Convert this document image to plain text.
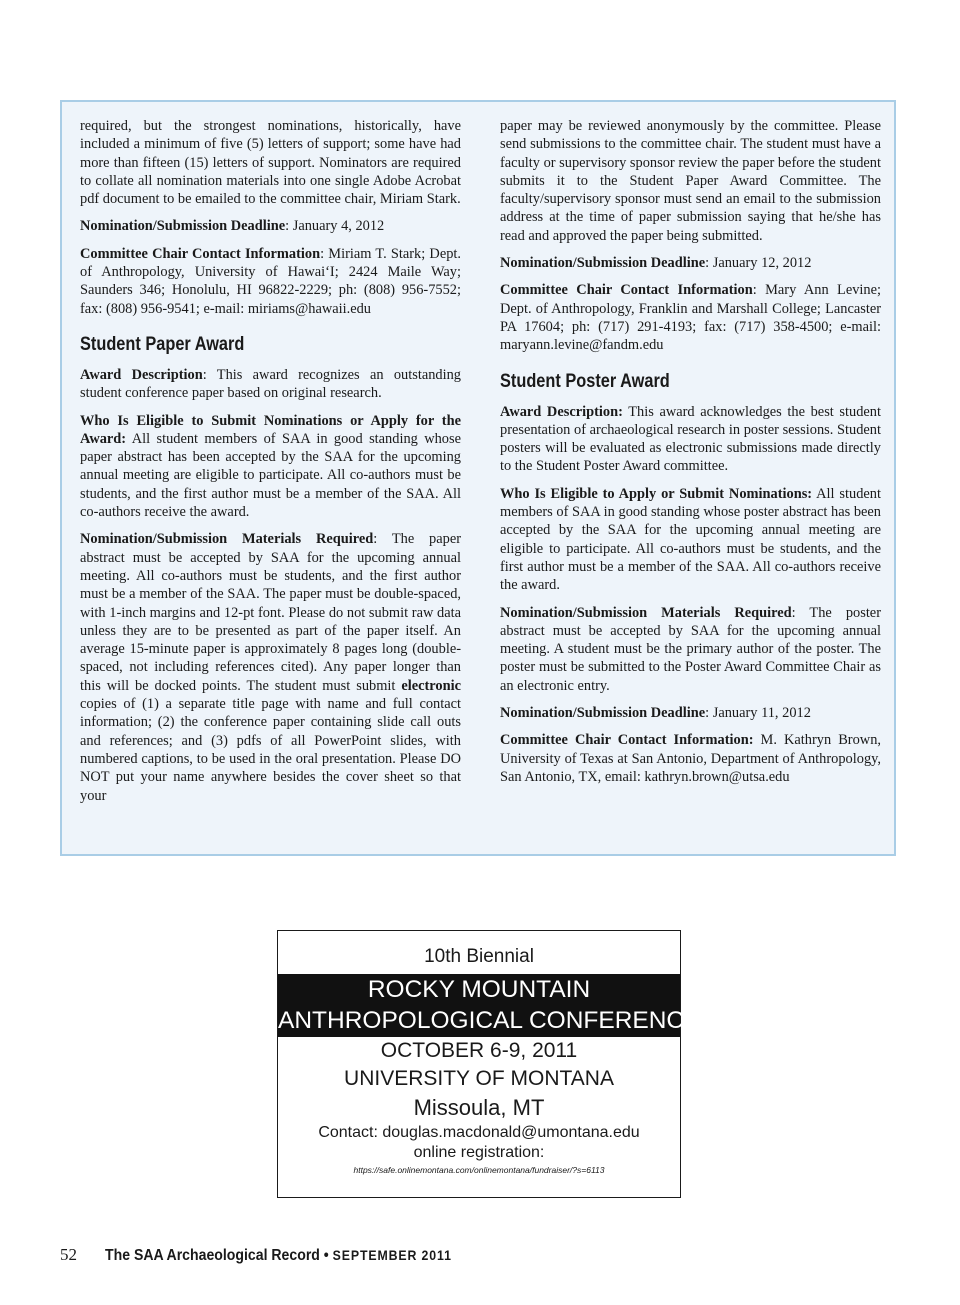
required, but the strongest nominations, historically, have included a minimum of five (5) letters of support; some have had more than fifteen (15) letters of support. Nominators are required to collate all nomination materials into one single Adobe Acrobat pdf document to be emailed to the committee chair, Miriam Stark.

Nomination/Submission Deadline: January 4, 2012

Committee Chair Contact Information: Miriam T. Stark; Dept. of Anthropology, University of Hawai‘I; 2424 Maile Way; Saunders 346; Honolulu, HI 96822-2229; ph: (808) 956-7552; fax: (808) 956-9541; e-mail: miriams@hawaii.edu

Student Paper Award

Award Description: This award recognizes an outstanding student conference paper based on original research.

Who Is Eligible to Submit Nominations or Apply for the Award: All student members of SAA in good standing whose paper abstract has been accepted by the SAA for the upcoming annual meeting are eligible to participate. All co-authors must be students, and the first author must be a member of the SAA. All co-authors receive the award.

Nomination/Submission Materials Required: The paper abstract must be accepted by SAA for the upcoming annual meeting. All co-authors must be students, and the first author must be a member of the SAA. The paper must be double-spaced, with 1-inch margins and 12-pt font. Please do not submit raw data unless they are to be presented as part of the paper itself. An average 15-minute paper is approximately 8 pages long (double-spaced, not including references cited). Any paper longer than this will be docked points. The student must submit electronic copies of (1) a separate title page with name and full contact information; (2) the conference paper containing slide call outs and references; and (3) pdfs of all PowerPoint slides, with numbered captions, to be used in the oral presentation. Please DO NOT put your name anywhere besides the cover sheet so that your

paper may be reviewed anonymously by the committee. Please send submissions to the committee chair. The student must have a faculty or supervisory sponsor review the paper before the student submits it to the Student Paper Award Committee. The faculty/supervisory sponsor must send an email to the submission address at the time of paper submission saying that he/she has read and approved the paper being submitted.

Nomination/Submission Deadline: January 12, 2012

Committee Chair Contact Information: Mary Ann Levine; Dept. of Anthropology, Franklin and Marshall College; Lancaster PA 17604; ph: (717) 291-4193; fax: (717) 358-4500; e-mail: maryann.levine@fandm.edu

Student Poster Award

Award Description: This award acknowledges the best student presentation of archaeological research in poster sessions. Student posters will be evaluated as electronic submissions made directly to the Student Poster Award committee.

Who Is Eligible to Apply or Submit Nominations: All student members of SAA in good standing whose poster abstract has been accepted by the SAA for the upcoming annual meeting are eligible to participate. All co-authors must be students, and the first author must be a member of the SAA. All co-authors receive the award.

Nomination/Submission Materials Required: The poster abstract must be accepted by SAA for the upcoming annual meeting. A student must be the primary author of the poster. The poster must be submitted to the Poster Award Committee Chair as an electronic entry.

Nomination/Submission Deadline: January 11, 2012

Committee Chair Contact Information: M. Kathryn Brown, University of Texas at San Antonio, Department of Anthropology, San Antonio, TX, email: kathryn.brown@utsa.edu

10th Biennial
ROCKY MOUNTAIN
ANTHROPOLOGICAL CONFERENCE
OCTOBER 6-9, 2011
UNIVERSITY OF MONTANA
Missoula, MT
Contact: douglas.macdonald@umontana.edu
online registration:
https://safe.onlinemontana.com/onlinemontana/fundraiser/?s=6113
52 The SAA Archaeological Record • SEPTEMBER 2011
